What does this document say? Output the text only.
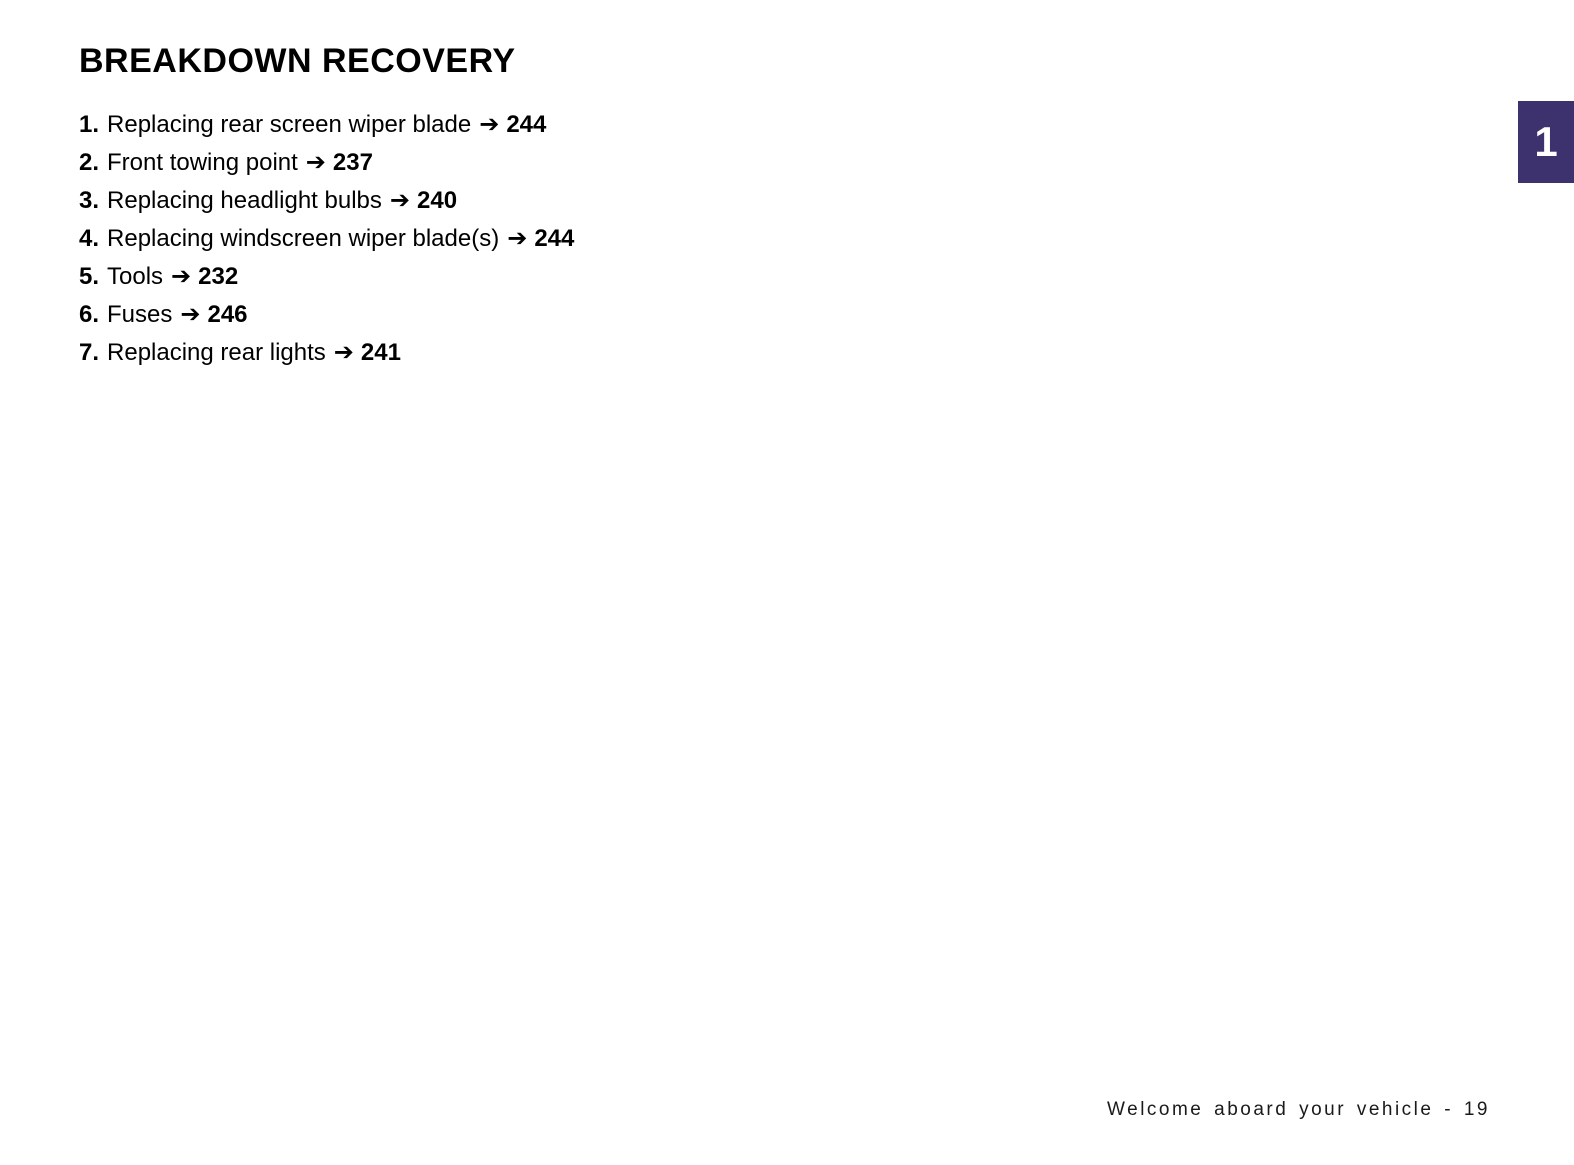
BREAKDOWN RECOVERY
1. Replacing rear screen wiper blade ➔ 244
2. Front towing point ➔ 237
3. Replacing headlight bulbs ➔ 240
4. Replacing windscreen wiper blade(s) ➔ 244
5. Tools ➔ 232
6. Fuses ➔ 246
7. Replacing rear lights ➔ 241
1
Welcome aboard your vehicle - 19
